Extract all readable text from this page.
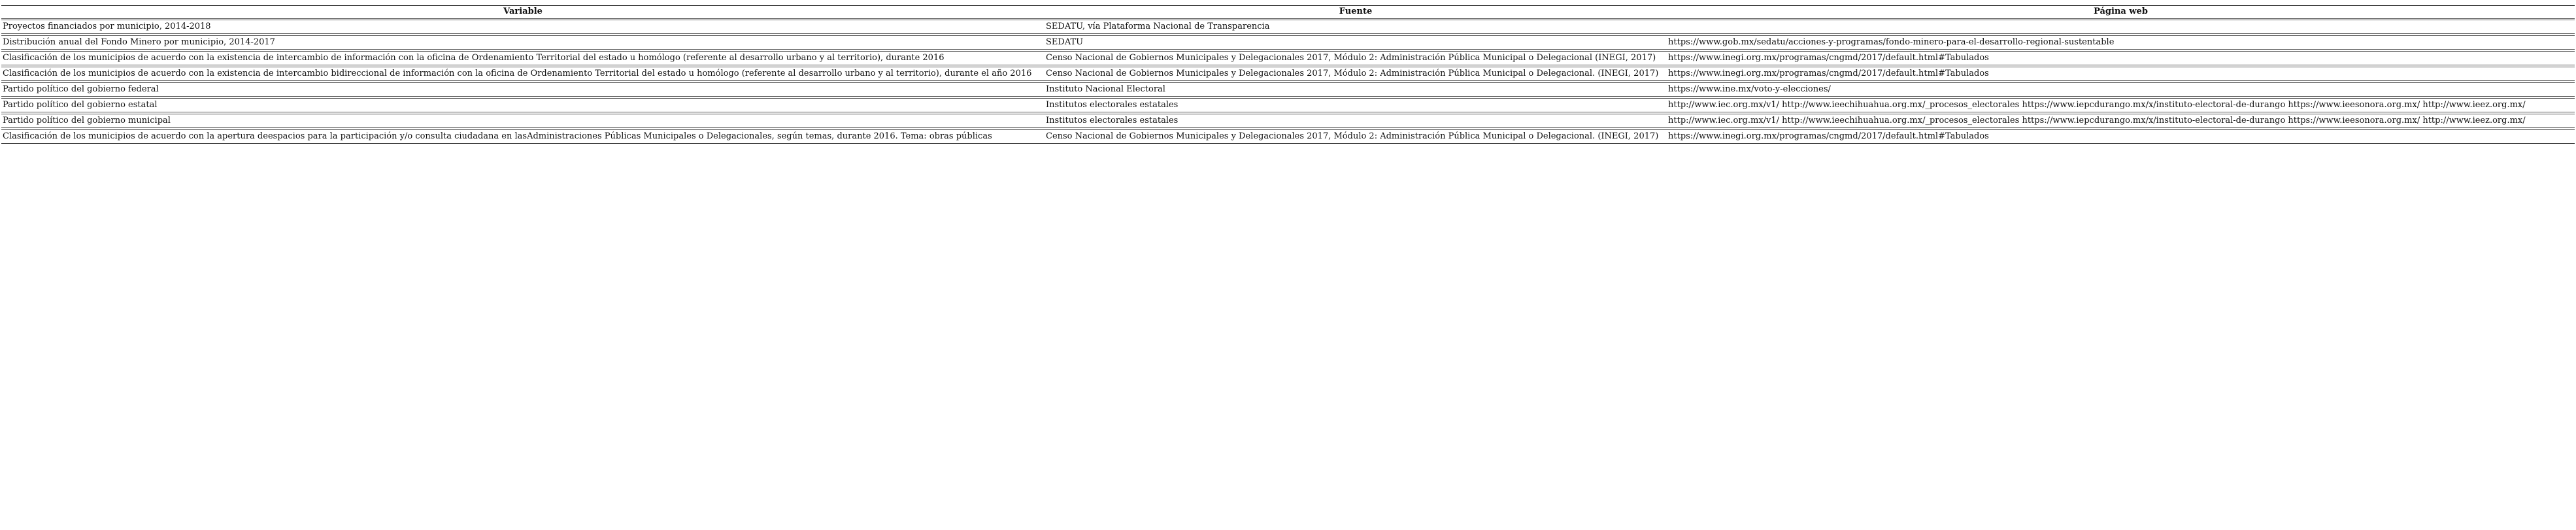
Variable	Fuente	Página web
Proyectos financiados por municipio, 2014-2018	SEDATU, vía Plataforma Nacional de Transparencia	
Distribución anual del Fondo Minero por municipio, 2014-2017	SEDATU	https://www.gob.mx/sedatu/acciones-y-programas/fondo-minero-para-el-desarrollo-regional-sustentable
Clasificación de los municipios de acuerdo con la existencia de intercambio de información con la oficina de Ordenamiento Territorial del estado u homólogo (referente al desarrollo urbano y al territorio), durante 2016	Censo Nacional de Gobiernos Municipales y Delegacionales 2017, Módulo 2: Administración Pública Municipal o Delegacional (INEGI, 2017)	https://www.inegi.org.mx/programas/cngmd/2017/default.html#Tabulados
Clasificación de los municipios de acuerdo con la existencia de intercambio bidireccional de información con la oficina de Ordenamiento Territorial del estado u homólogo (referente al desarrollo urbano y al territorio), durante el año 2016	Censo Nacional de Gobiernos Municipales y Delegacionales 2017, Módulo 2: Administración Pública Municipal o Delegacional. (INEGI, 2017)	https://www.inegi.org.mx/programas/cngmd/2017/default.html#Tabulados
Partido político del gobierno federal	Instituto Nacional Electoral	https://www.ine.mx/voto-y-elecciones/
Partido político del gobierno estatal	Institutos electorales estatales	http://www.iec.org.mx/v1/ http://www.ieechihuahua.org.mx/_procesos_electorales https://www.iepcdurango.mx/x/instituto-electoral-de-durango https://www.ieesonora.org.mx/ http://www.ieez.org.mx/
Partido político del gobierno municipal	Institutos electorales estatales	http://www.iec.org.mx/v1/ http://www.ieechihuahua.org.mx/_procesos_electorales https://www.iepcdurango.mx/x/instituto-electoral-de-durango https://www.ieesonora.org.mx/ http://www.ieez.org.mx/
Clasificación de los municipios de acuerdo con la apertura deespacios para la participación y/o consulta ciudadana en lasAdministraciones Públicas Municipales o Delegacionales, según temas, durante 2016. Tema: obras públicas	Censo Nacional de Gobiernos Municipales y Delegacionales 2017, Módulo 2: Administración Pública Municipal o Delegacional. (INEGI, 2017)	https://www.inegi.org.mx/programas/cngmd/2017/default.html#Tabulados
